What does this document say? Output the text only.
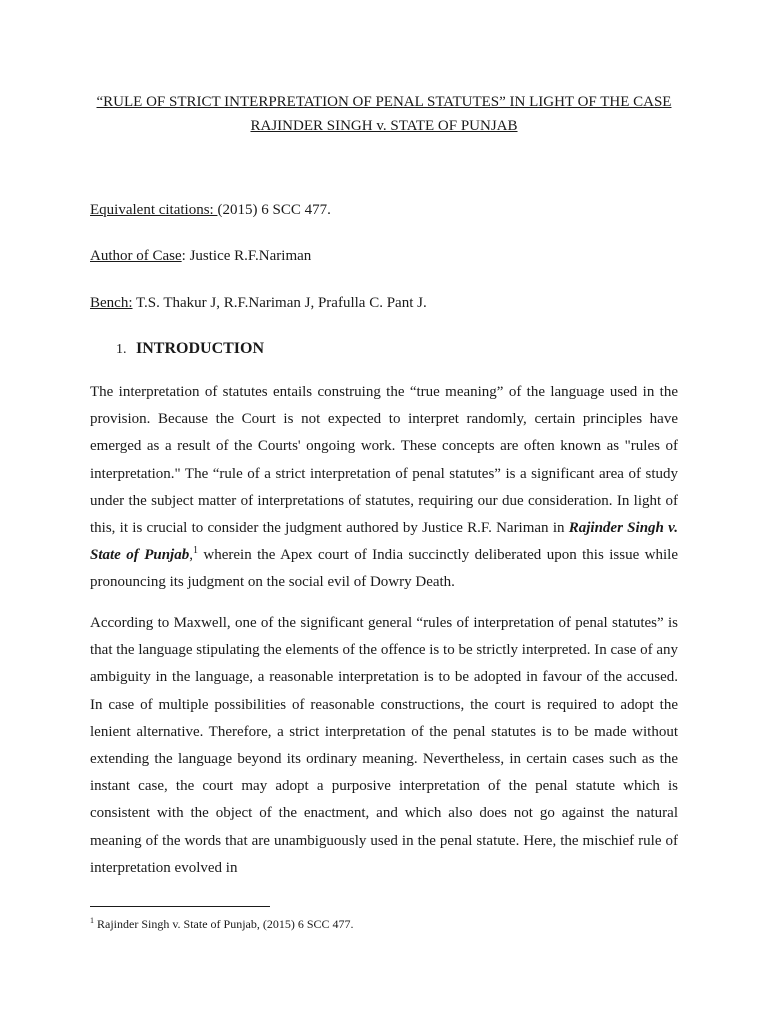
“RULE OF STRICT INTERPRETATION OF PENAL STATUTES” IN LIGHT OF THE CASE
RAJINDER SINGH v. STATE OF PUNJAB
Equivalent citations: (2015) 6 SCC 477.
Author of Case: Justice R.F.Nariman
Bench: T.S. Thakur J, R.F.Nariman J, Prafulla C. Pant J.
1. INTRODUCTION

The interpretation of statutes entails construing the “true meaning” of the language used in the provision. Because the Court is not expected to interpret randomly, certain principles have emerged as a result of the Courts' ongoing work. These concepts are often known as "rules of interpretation." The “rule of a strict interpretation of penal statutes” is a significant area of study under the subject matter of interpretations of statutes, requiring our due consideration. In light of this, it is crucial to consider the judgment authored by Justice R.F. Nariman in Rajinder Singh v. State of Punjab,$^1$ wherein the Apex court of India succinctly deliberated upon this issue while pronouncing its judgment on the social evil of Dowry Death.

According to Maxwell, one of the significant general “rules of interpretation of penal statutes” is that the language stipulating the elements of the offence is to be strictly interpreted. In case of any ambiguity in the language, a reasonable interpretation is to be adopted in favour of the accused. In case of multiple possibilities of reasonable constructions, the court is required to adopt the lenient alternative. Therefore, a strict interpretation of the penal statutes is to be made without extending the language beyond its ordinary meaning. Nevertheless, in certain cases such as the instant case, the court may adopt a purposive interpretation of the penal statute which is consistent with the object of the enactment, and which also does not go against the natural meaning of the words that are unambiguously used in the penal statute. Here, the mischief rule of interpretation evolved in

$^1$ Rajinder Singh v. State of Punjab, (2015) 6 SCC 477.
